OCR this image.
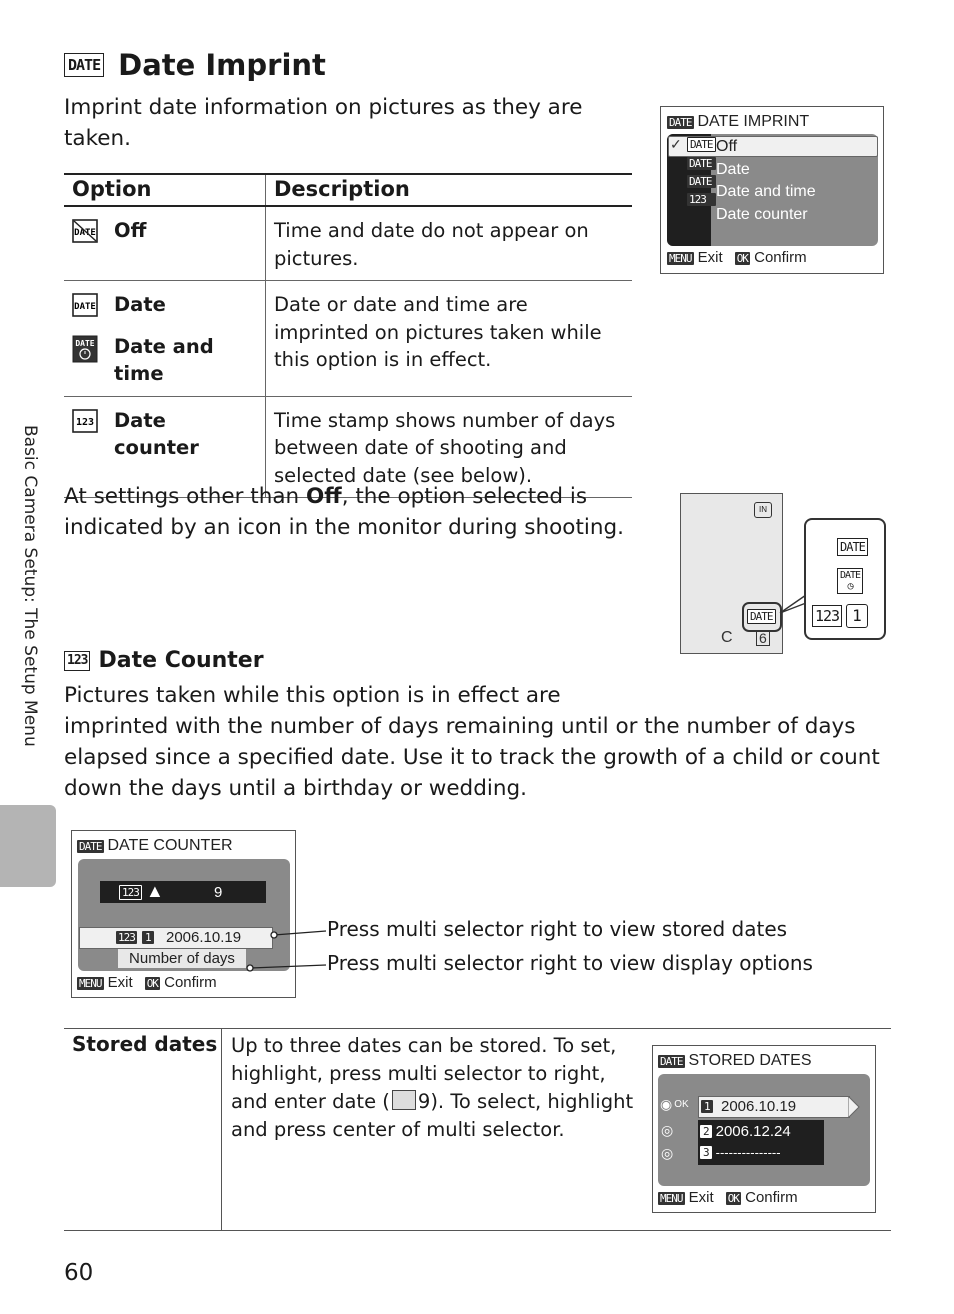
DATE Date Imprint
Imprint date information on pictures as they are taken.
Option	Description

DATE Off	Time and date do not appear on pictures.

DATE Date
DATE Date and time	Date or date and time are imprinted on pictures taken while this option is in effect.

123 Date counter	Time stamp shows number of days between date of shooting and selected date (see below).
DATE DATE IMPRINT
✓ DATE
DATE
DATE
123
Off
Date
Date and time
Date counter
MENU Exit OK Confirm
At settings other than Off, the option selected is indicated by an icon in the monitor during shooting.
IN
DATE
C 6
DATE
DATE
◷
123 1
123 Date Counter
Pictures taken while this option is in effect are
imprinted with the number of days remaining until or the number of days elapsed since a specified date. Use it to track the growth of a child or count down the days until a birthday or wedding.
DATE DATE COUNTER
123 ▲	9
123 1 2006.10.19
Number of days
MENU Exit OK Confirm
Press multi selector right to view stored dates
Press multi selector right to view display options
Stored dates Up to three dates can be stored. To set, highlight, press multi selector to right, and enter date ( 9). To select, highlight and press center of multi selector.
DATE STORED DATES
◉ OK
◎
◎
1 2006.10.19
2 2006.12.24
3 ---------------
MENU Exit OK Confirm
Basic Camera Setup: The Setup Menu
60
